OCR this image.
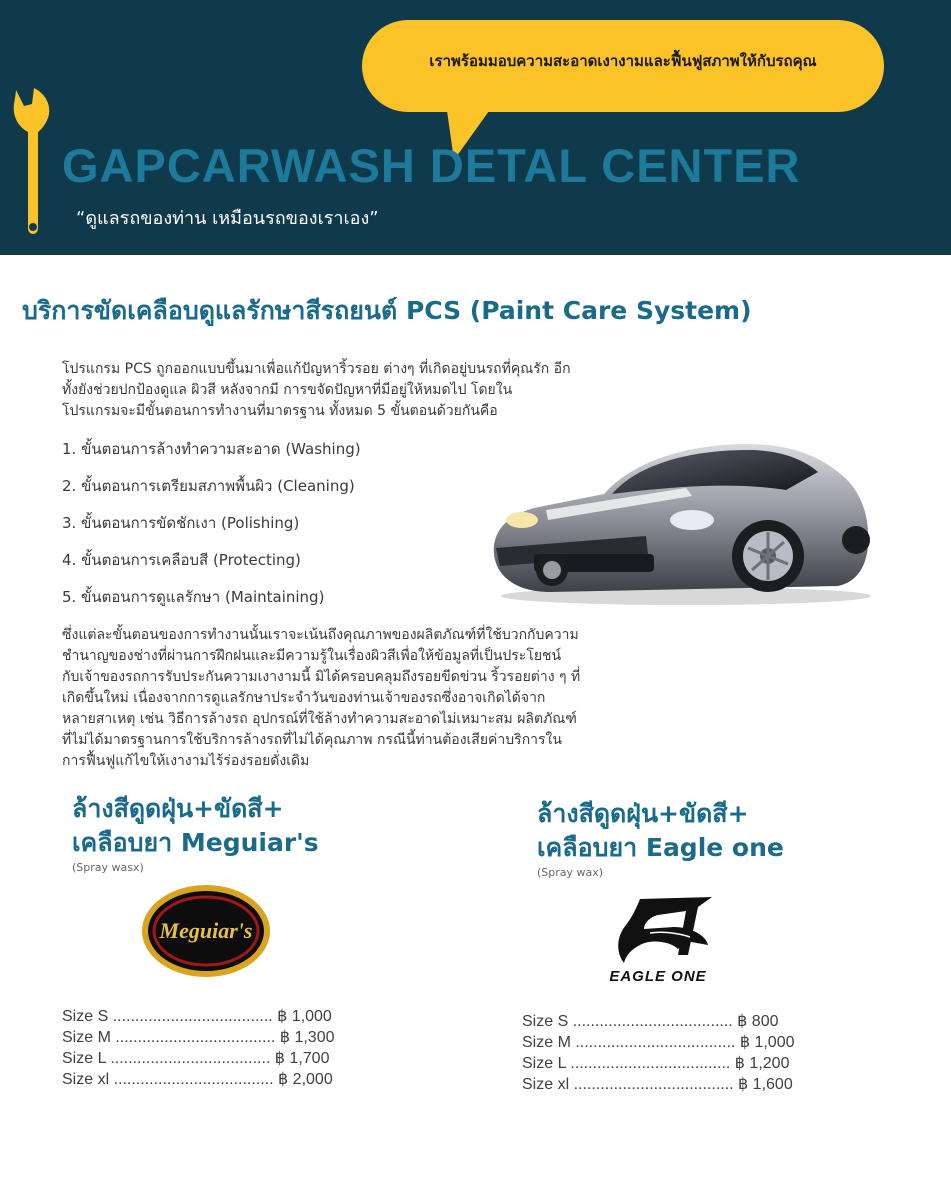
เราพร้อมมอบความสะอาดเงางามและฟื้นฟูสภาพให้กับรถคุณ
GAPCARWASH DETAL CENTER
“ดูแลรถของท่าน เหมือนรถของเราเอง”
บริการขัดเคลือบดูแลรักษาสีรถยนต์ PCS (Paint Care System)
โปรแกรม PCS ถูกออกแบบขึ้นมาเพื่อแก้ปัญหาริ้วรอย ต่างๆ ที่เกิดอยู่บนรถที่คุณรัก อีก
ทั้งยังช่วยปกป้องดูแล ผิวสี หลังจากมี การขจัดปัญหาที่มีอยู่ให้หมดไป โดยใน
โปรแกรมจะมีขั้นตอนการทำงานที่มาตรฐาน ทั้งหมด 5 ขั้นตอนด้วยกันคือ
1. ขั้นตอนการล้างทำความสะอาด (Washing)
2. ขั้นตอนการเตรียมสภาพพื้นผิว (Cleaning)
3. ขั้นตอนการขัดชักเงา (Polishing)
4. ขั้นตอนการเคลือบสี (Protecting)
5. ขั้นตอนการดูแลรักษา (Maintaining)
ซึ่งแต่ละขั้นตอนของการทำงานนั้นเราจะเน้นถึงคุณภาพของผลิตภัณฑ์ที่ใช้บวกกับความ
ชำนาญของช่างที่ผ่านการฝึกฝนและมีความรู้ในเรื่องผิวสีเพื่อให้ข้อมูลที่เป็นประโยชน์
กับเจ้าของรถการรับประกันความเงางามนี้ มิได้ครอบคลุมถึงรอยขีดข่วน ริ้วรอยต่าง ๆ ที่
เกิดขึ้นใหม่ เนื่องจากการดูแลรักษาประจำวันของท่านเจ้าของรถซึ่งอาจเกิดได้จาก
หลายสาเหตุ เช่น วิธีการล้างรถ อุปกรณ์ที่ใช้ล้างทำความสะอาดไม่เหมาะสม ผลิตภัณฑ์
ที่ไม่ได้มาตรฐานการใช้บริการล้างรถที่ไม่ได้คุณภาพ กรณีนี้ท่านต้องเสียค่าบริการใน
การฟื้นฟูแก้ไขให้เงางามไร้ร่องรอยดั่งเดิม
ล้างสีดูดฝุ่น+ขัดสี+
เคลือบยา Meguiar's
(Spray wasx)
Meguiar's
Size S .................................... ฿ 1,000
Size M .................................... ฿ 1,300
Size L .................................... ฿ 1,700
Size xl .................................... ฿ 2,000
ล้างสีดูดฝุ่น+ขัดสี+
เคลือบยา Eagle one
(Spray wax)
EAGLE ONE
Size S .................................... ฿ 800
Size M .................................... ฿ 1,000
Size L .................................... ฿ 1,200
Size xl .................................... ฿ 1,600
